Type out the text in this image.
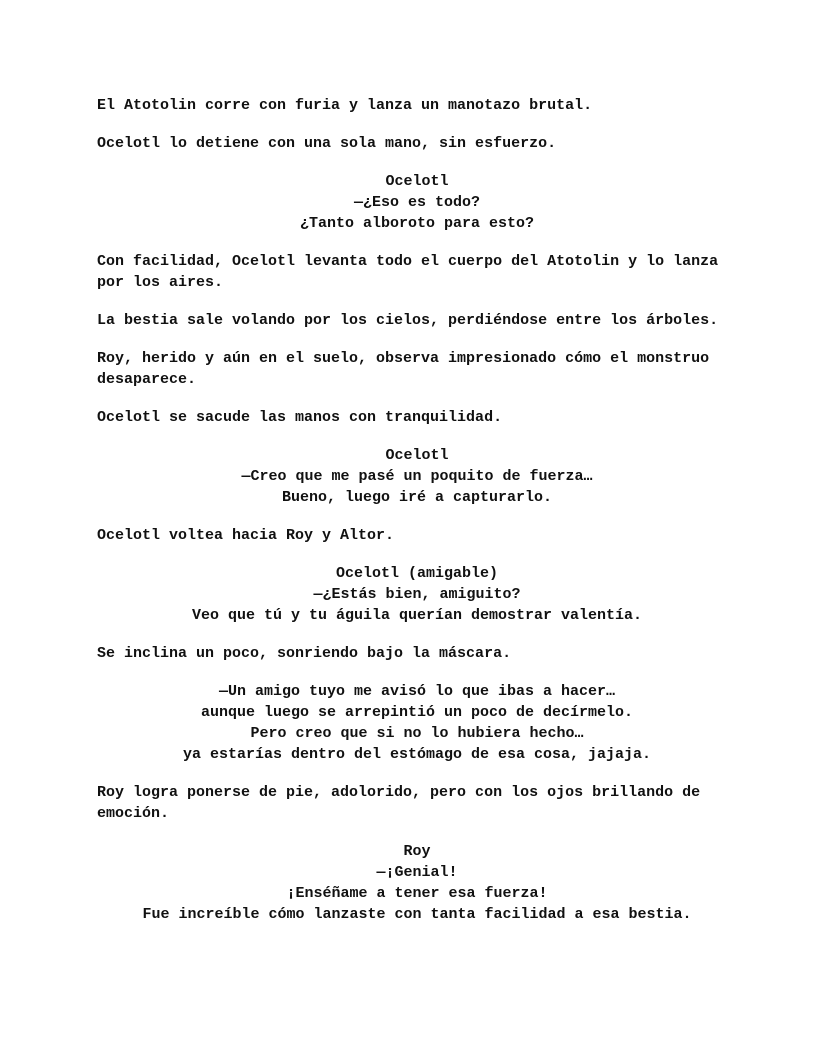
El Atotolin corre con furia y lanza un manotazo brutal.

Ocelotl lo detiene con una sola mano, sin esfuerzo.

Ocelotl
—¿Eso es todo?
¿Tanto alboroto para esto?

Con facilidad, Ocelotl levanta todo el cuerpo del Atotolin y lo lanza por los aires.

La bestia sale volando por los cielos, perdiéndose entre los árboles.

Roy, herido y aún en el suelo, observa impresionado cómo el monstruo desaparece.

Ocelotl se sacude las manos con tranquilidad.

Ocelotl
—Creo que me pasé un poquito de fuerza…
Bueno, luego iré a capturarlo.

Ocelotl voltea hacia Roy y Altor.

Ocelotl (amigable)
—¿Estás bien, amiguito?
Veo que tú y tu águila querían demostrar valentía.

Se inclina un poco, sonriendo bajo la máscara.

—Un amigo tuyo me avisó lo que ibas a hacer…
aunque luego se arrepintió un poco de decírmelo.
Pero creo que si no lo hubiera hecho…
ya estarías dentro del estómago de esa cosa, jajaja.

Roy logra ponerse de pie, adolorido, pero con los ojos brillando de emoción.

Roy
—¡Genial!
¡Enséñame a tener esa fuerza!
Fue increíble cómo lanzaste con tanta facilidad a esa bestia.
